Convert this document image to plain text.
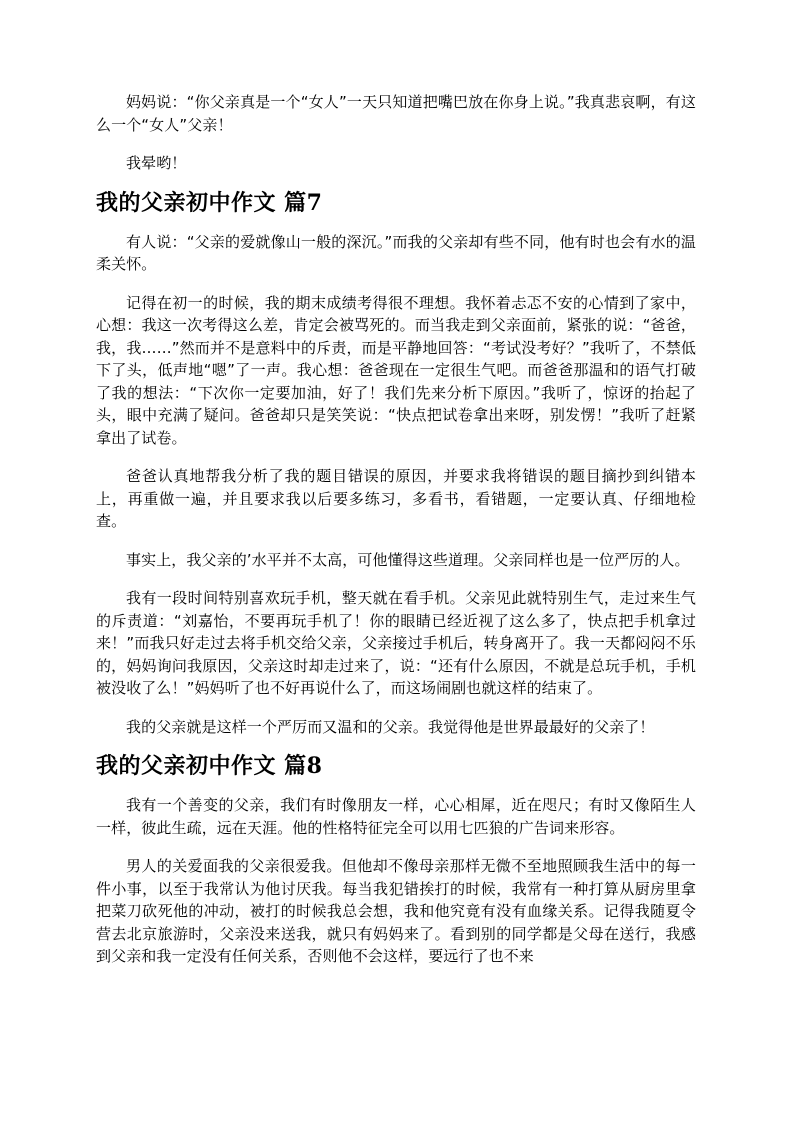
妈妈说：“你父亲真是一个“女人”一天只知道把嘴巴放在你身上说。”我真悲哀啊，有这么一个“女人”父亲！

我晕哟！

我的父亲初中作文 篇7

有人说：“父亲的爱就像山一般的深沉。”而我的父亲却有些不同，他有时也会有水的温柔关怀。

记得在初一的时候，我的期末成绩考得很不理想。我怀着忐忑不安的心情到了家中，心想：我这一次考得这么差，肯定会被骂死的。而当我走到父亲面前，紧张的说：“爸爸，我，我……”然而并不是意料中的斥责，而是平静地回答：“考试没考好？”我听了，不禁低下了头，低声地“嗯”了一声。我心想：爸爸现在一定很生气吧。而爸爸那温和的语气打破了我的想法：“下次你一定要加油，好了！我们先来分析下原因。”我听了，惊讶的抬起了头，眼中充满了疑问。爸爸却只是笑笑说：“快点把试卷拿出来呀，别发愣！”我听了赶紧拿出了试卷。

爸爸认真地帮我分析了我的题目错误的原因，并要求我将错误的题目摘抄到纠错本上，再重做一遍，并且要求我以后要多练习，多看书，看错题，一定要认真、仔细地检查。

事实上，我父亲的’水平并不太高，可他懂得这些道理。父亲同样也是一位严厉的人。

我有一段时间特别喜欢玩手机，整天就在看手机。父亲见此就特别生气，走过来生气的斥责道：“刘嘉怡，不要再玩手机了！你的眼睛已经近视了这么多了，快点把手机拿过来！”而我只好走过去将手机交给父亲，父亲接过手机后，转身离开了。我一天都闷闷不乐的，妈妈询问我原因，父亲这时却走过来了，说：“还有什么原因，不就是总玩手机，手机被没收了么！”妈妈听了也不好再说什么了，而这场闹剧也就这样的结束了。

我的父亲就是这样一个严厉而又温和的父亲。我觉得他是世界最最好的父亲了！

我的父亲初中作文 篇8

我有一个善变的父亲，我们有时像朋友一样，心心相犀，近在咫尺；有时又像陌生人一样，彼此生疏，远在天涯。他的性格特征完全可以用七匹狼的广告词来形容。

男人的关爱面我的父亲很爱我。但他却不像母亲那样无微不至地照顾我生活中的每一件小事，以至于我常认为他讨厌我。每当我犯错挨打的时候，我常有一种打算从厨房里拿把菜刀砍死他的冲动，被打的时候我总会想，我和他究竟有没有血缘关系。记得我随夏令营去北京旅游时，父亲没来送我，就只有妈妈来了。看到别的同学都是父母在送行，我感到父亲和我一定没有任何关系，否则他不会这样，要远行了也不来
